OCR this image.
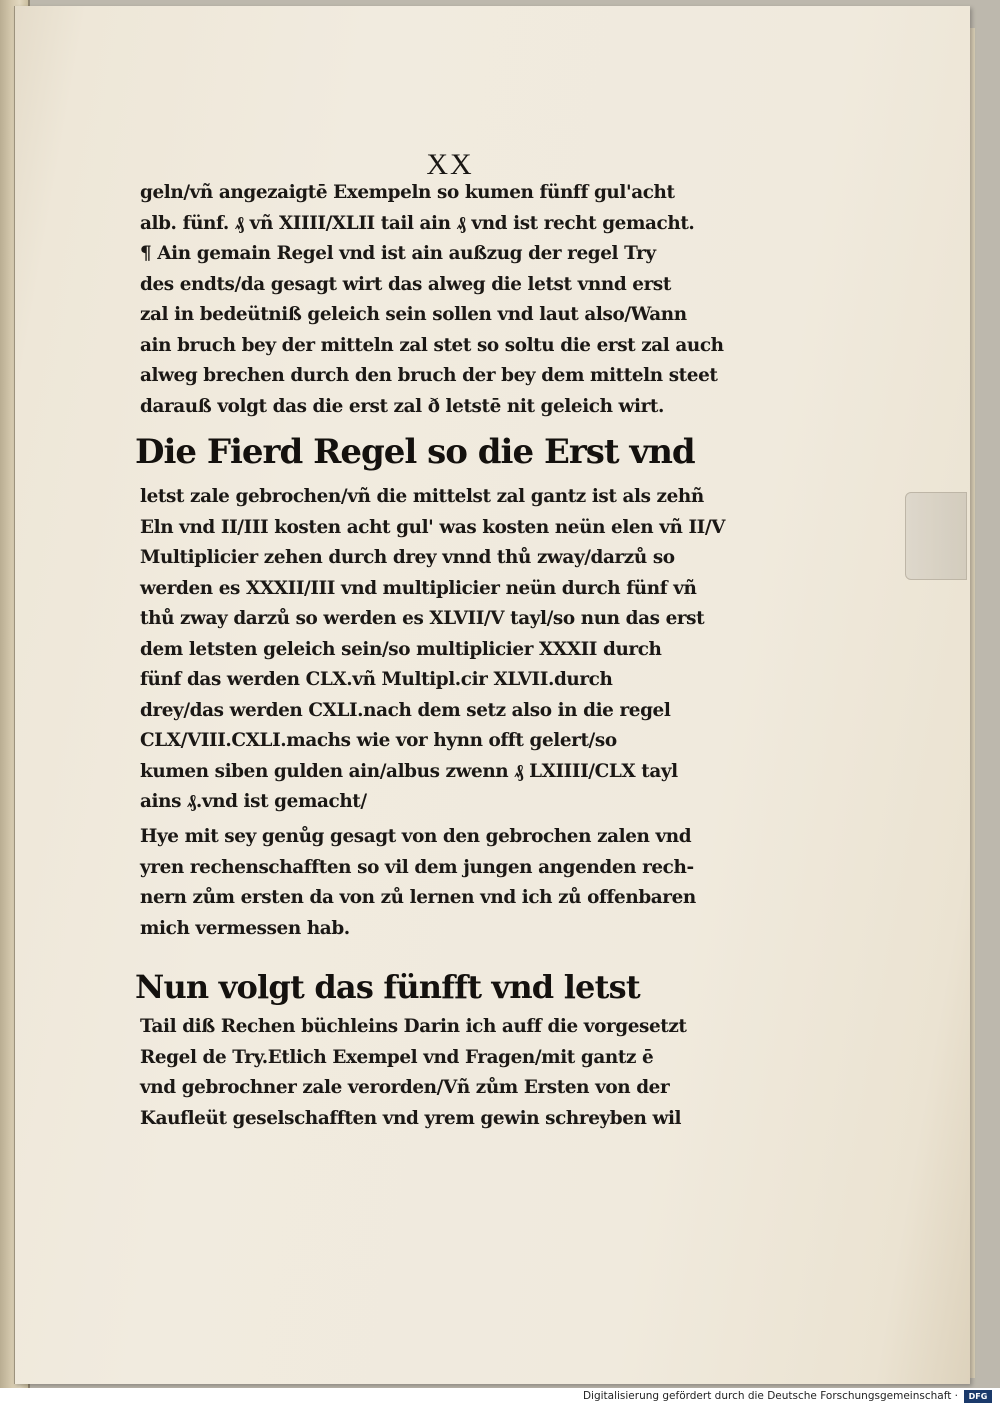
XX
geln/vñ angezaigtē Exempeln so kumen fünff gul'acht
alb. fünf. ₰ vñ XIIII/XLII tail ain ₰ vnd ist recht gemacht.
¶ Ain gemain Regel vnd ist ain außzug der regel Try
des endts/da gesagt wirt das alweg die letst vnnd erst
zal in bedeütniß geleich sein sollen vnd laut also/Wann
ain bruch bey der mitteln zal stet so soltu die erst zal auch
alweg brechen durch den bruch der bey dem mitteln steet
darauß volgt das die erst zal ð letstē nit geleich wirt.
Die Fierd Regel so die Erst vnd
letst zale gebrochen/vñ die mittelst zal gantz ist als zehñ
Eln vnd II/III kosten acht gul' was kosten neün elen vñ II/V
Multiplicier zehen durch drey vnnd thů zway/darzů so
werden es XXXII/III vnd multiplicier neün durch fünf vñ
thů zway darzů so werden es XLVII/V tayl/so nun das erst
dem letsten geleich sein/so multiplicier XXXII durch
fünf das werden CLX.vñ Multipl.cir XLVII.durch
drey/das werden CXLI.nach dem setz also in die regel
CLX/VIII.CXLI.machs wie vor hynn offt gelert/so
kumen siben gulden ain/albus zwenn ₰ LXIIII/CLX tayl
ains ₰.vnd ist gemacht/
Hye mit sey genůg gesagt von den gebrochen zalen vnd
yren rechenschafften so vil dem jungen angenden rech-
nern zům ersten da von zů lernen vnd ich zů offenbaren
mich vermessen hab.
Nun volgt das fünfft vnd letst
Tail diß Rechen büchleins Darin ich auff die vorgesetzt
Regel de Try.Etlich Exempel vnd Fragen/mit gantz ē
vnd gebrochner zale verorden/Vñ zům Ersten von der
Kaufleüt geselschafften vnd yrem gewin schreyben wil
Digitalisierung gefördert durch die Deutsche Forschungsgemeinschaft ·	DFG
